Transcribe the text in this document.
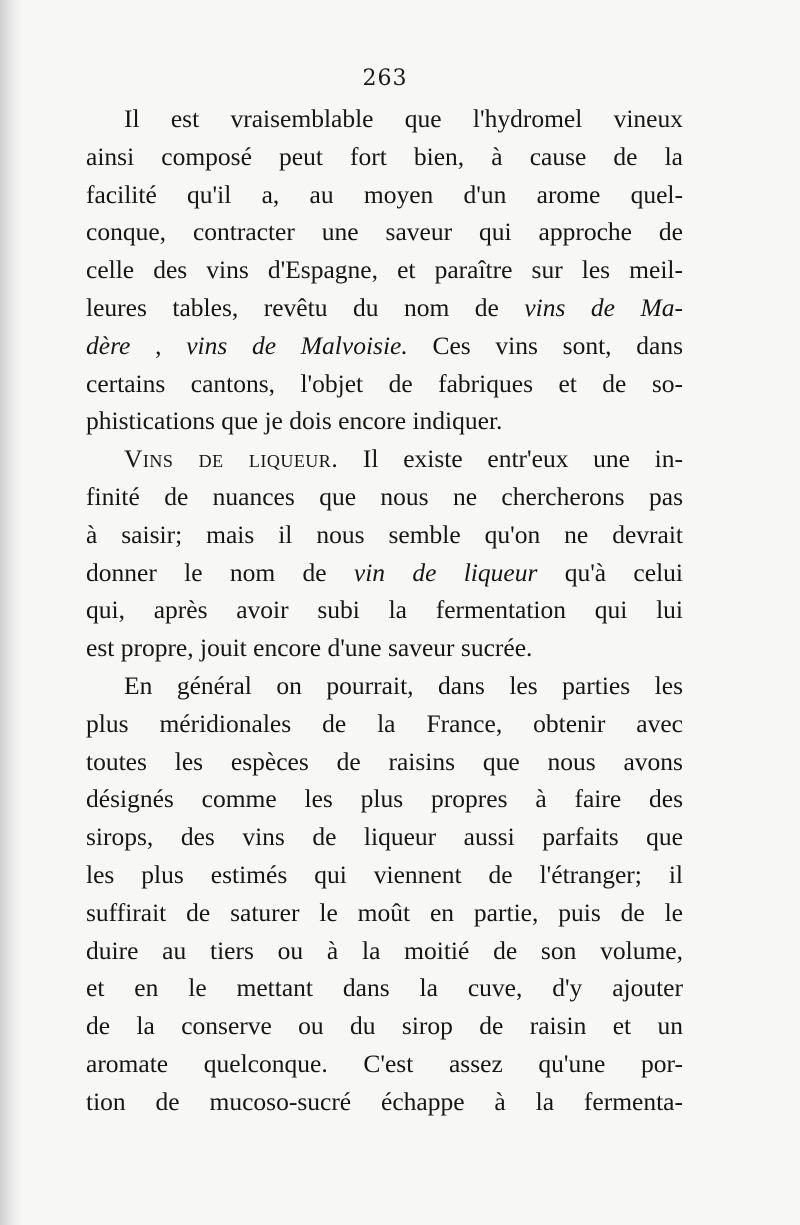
263
Il est vraisemblable que l'hydromel vineux
ainsi composé peut fort bien, à cause de la
facilité qu'il a, au moyen d'un arome quel-
conque, contracter une saveur qui approche de
celle des vins d'Espagne, et paraître sur les meil-
leures tables, revêtu du nom de vins de Ma-
dère , vins de Malvoisie. Ces vins sont, dans
certains cantons, l'objet de fabriques et de so-
phistications que je dois encore indiquer.
Vins de liqueur. Il existe entr'eux une in-
finité de nuances que nous ne chercherons pas
à saisir; mais il nous semble qu'on ne devrait
donner le nom de vin de liqueur qu'à celui
qui, après avoir subi la fermentation qui lui
est propre, jouit encore d'une saveur sucrée.
En général on pourrait, dans les parties les
plus méridionales de la France, obtenir avec
toutes les espèces de raisins que nous avons
désignés comme les plus propres à faire des
sirops, des vins de liqueur aussi parfaits que
les plus estimés qui viennent de l'étranger; il
suffirait de saturer le moût en partie, puis de le
duire au tiers ou à la moitié de son volume,
et en le mettant dans la cuve, d'y ajouter
de la conserve ou du sirop de raisin et un
aromate quelconque. C'est assez qu'une por-
tion de mucoso-sucré échappe à la fermenta-
